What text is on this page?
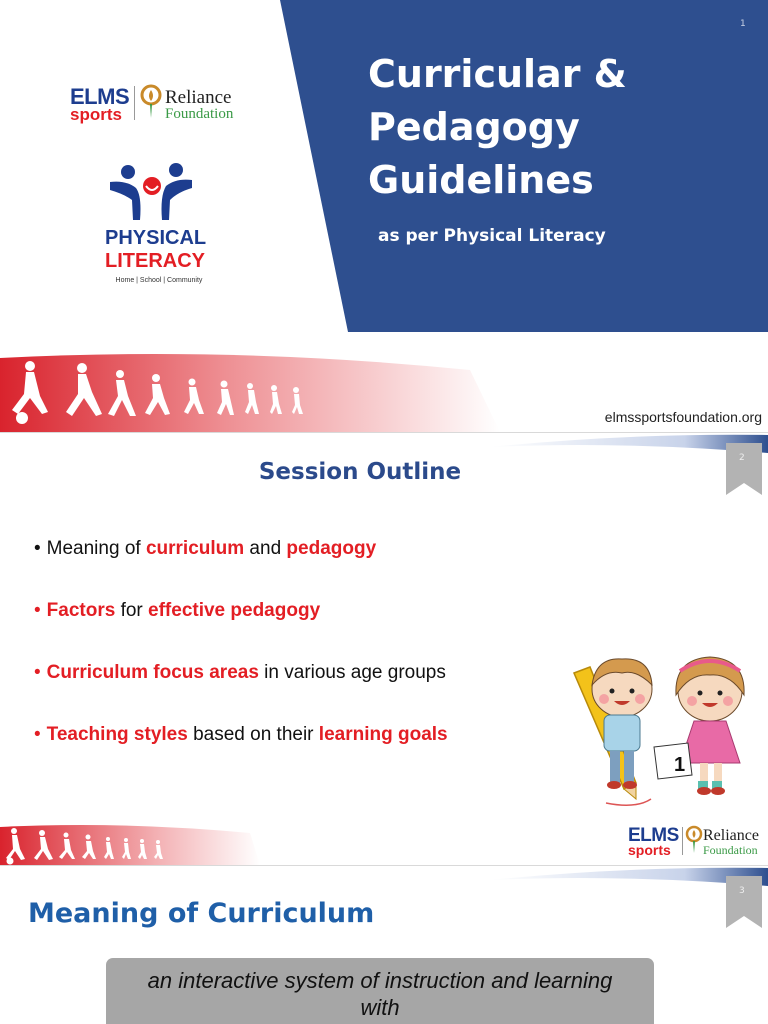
1
ELMS
sports
Reliance
Foundation
PHYSICAL
LITERACY
Home | School | Community
Curricular &
Pedagogy
Guidelines
as per Physical Literacy
elmssportsfoundation.org
2
Session Outline
• Meaning of curriculum and pedagogy
• Factors for effective pedagogy
• Curriculum focus areas in various age groups
• Teaching styles based on their learning goals
1
ELMS
sports
Reliance
Foundation
3
Meaning of Curriculum
an interactive system of instruction and learning
with
